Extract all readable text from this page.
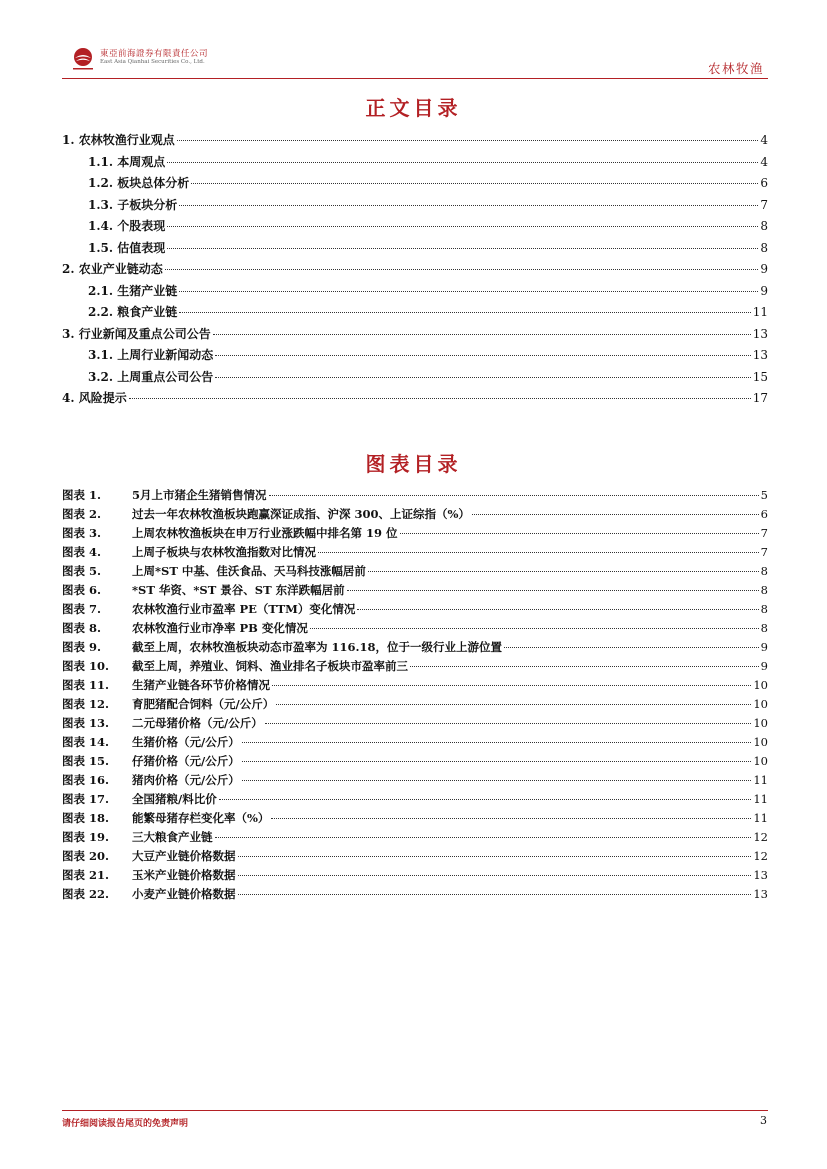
東亞前海證券有限責任公司
East Asia Qianhai Securities Co., Ltd.	农林牧渔
正文目录
1. 农林牧渔行业观点	4
1.1. 本周观点	4
1.2. 板块总体分析	6
1.3. 子板块分析	7
1.4. 个股表现	8
1.5. 估值表现	8
2. 农业产业链动态	9
2.1. 生猪产业链	9
2.2. 粮食产业链	11
3. 行业新闻及重点公司公告	13
3.1. 上周行业新闻动态	13
3.2. 上周重点公司公告	15
4. 风险提示	17
图表目录
图表 1.	5月上市猪企生猪销售情况	5
图表 2.	过去一年农林牧渔板块跑赢深证成指、沪深 300、上证综指（%）	6
图表 3.	上周农林牧渔板块在申万行业涨跌幅中排名第 19 位	7
图表 4.	上周子板块与农林牧渔指数对比情况	7
图表 5.	上周*ST 中基、佳沃食品、天马科技涨幅居前	8
图表 6.	*ST 华资、*ST 景谷、ST 东洋跌幅居前	8
图表 7.	农林牧渔行业市盈率 PE（TTM）变化情况	8
图表 8.	农林牧渔行业市净率 PB 变化情况	8
图表 9.	截至上周，农林牧渔板块动态市盈率为 116.18，位于一级行业上游位置	9
图表 10.	截至上周，养殖业、饲料、渔业排名子板块市盈率前三	9
图表 11.	生猪产业链各环节价格情况	10
图表 12.	育肥猪配合饲料（元/公斤）	10
图表 13.	二元母猪价格（元/公斤）	10
图表 14.	生猪价格（元/公斤）	10
图表 15.	仔猪价格（元/公斤）	10
图表 16.	猪肉价格（元/公斤）	11
图表 17.	全国猪粮/料比价	11
图表 18.	能繁母猪存栏变化率（%）	11
图表 19.	三大粮食产业链	12
图表 20.	大豆产业链价格数据	12
图表 21.	玉米产业链价格数据	13
图表 22.	小麦产业链价格数据	13
请仔细阅读报告尾页的免责声明	3
